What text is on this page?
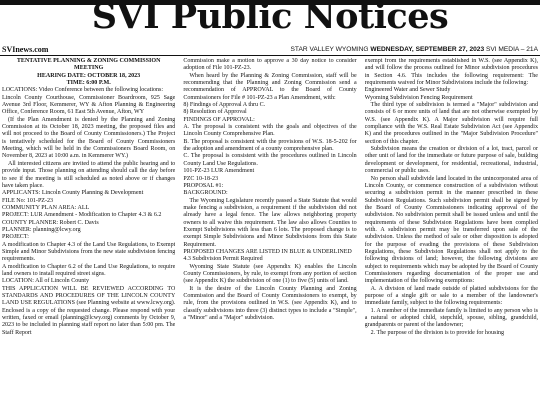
SVI Public Notices
SVInews.com	STAR VALLEY WYOMING WEDNESDAY, SEPTEMBER 27, 2023 SVI MEDIA – 21A

TENTATIVE PLANNING & ZONING COMMISSION MEETING

HEARING DATE: OCTOBER 18, 2023

TIME: 6:00 P.M.

LOCATIONS: Video Conference between the following locations:

Lincoln County Courthouse, Commissioner Boardroom, 925 Sage Avenue 3rd Floor, Kemmerer, WY & Afton Planning & Engineering Office, Conference Room, 61 East 5th Avenue, Afton, WY

(If the Plan Amendment is denied by the Planning and Zoning Commission at its October 18, 2023 meeting, the proposed files and will not proceed to the Board of County Commissioners.) The Project is tentatively scheduled for the Board of County Commissioners Meeting, which will be held in the Commissioners Board Room, on November 8, 2023 at 10:00 a.m. in Kemmerer WY.)

All interested citizens are invited to attend the public hearing and to provide input. Those planning on attending should call the day before to see if the meeting is still scheduled as noted above or if changes have taken place.

APPLICANTS: Lincoln County Planning & Development

FILE No: 101-PZ-23

COMMUNITY PLAN AREA: ALL

PROJECT: LUR Amendment - Modification to Chapter 4.3 & 6.2

COUNTY PLANNER: Robert C. Davis

PLANNER: planning@lcwy.org

PROJECT:

A modification to Chapter 4.3 of the Land Use Regulations, to Exempt Simple and Minor Subdivisions from the new state subdivision fencing requirements.

A modification to Chapter 6.2 of the Land Use Regulations, to require land owners to install required street signs.

LOCATION: All of Lincoln County

THIS APPLICATION WILL BE REVIEWED ACCORDING TO STANDARDS AND PROCEDURES OF THE LINCOLN COUNTY LAND USE REGULATIONS (see Planning website at www.lcwy.org). Enclosed is a copy of the requested change. Please respond with your written, faxed or email (planning@lcwy.org) comments by October 9, 2023 to be included in planning staff report no later than 5:00 pm. The Staff Report

Commission make a motion to approve a 30 day notice to consider adoption of File 101-PZ-23.

When heard by the Planning & Zoning Commission, staff will be recommending that the Planning and Zoning Commission send a recommendation of APPROVAL to the Board of County Commissioners for File # 101-PZ-23 a Plan Amendment, with:

8) Findings of Approval A thru C.

8) Resolution of Approval

FINDINGS OF APPROVAL:

A. The proposal is consistent with the goals and objectives of the Lincoln County Comprehensive Plan.

B. The proposal is consistent with the provisions of W.S. 18-5-202 for the adoption and amendment of a county comprehensive plan.

C. The proposal is consistent with the procedures outlined in Lincoln County Land Use Regulations.

101-PZ-23 LUR Amendment

PZC 10-18-23

PROPOSAL #1:

BACKGROUND:

The Wyoming Legislature recently passed a State Statute that would make fencing a subdivision, a requirement if the subdivision did not already have a legal fence. The law allows neighboring property owners to all waive this requirement. The law also allows Counties to Exempt Subdivisions with less than 6 lots. The proposed change is to exempt Simple Subdivisions and Minor Subdivisions from this State Requirement.

PROPOSED CHANGES ARE LISTED IN BLUE & UNDERLINED

4.3 Subdivision Permit Required

Wyoming State Statute (see Appendix K) enables the Lincoln County Commissioners, by rule, to exempt from any portion of section (see Appendix K) the subdivision of one (1) to five (5) units of land.

It is the desire of the Lincoln County Planning and Zoning Commission and the Board of County Commissioners to exempt, by rule, from the provisions outlined in W.S. (see Appendix K), and to classify subdivisions into three (3) distinct types to include a "Simple", a "Minor" and a "Major" subdivision.

exempt from the requirements established in W.S. (see Appendix K), and will follow the process outlined for Minor subdivision procedures in Section 4.6. This includes the following requirement: The requirements waived for Minor Subdivisions include the following:

Engineered Water and Sewer Study

Wyoming Subdivision Fencing Requirement

The third type of subdivision is termed a "Major" subdivision and consists of 6 or more units of land that are not otherwise exempted by W.S. (see Appendix K). A Major subdivision will require full compliance with the W.S. Real Estate Subdivision Act (see Appendix K) and the procedures outlined in the "Major Subdivision Procedure" section of this chapter.

Subdivision means the creation or division of a lot, tract, parcel or other unit of land for the immediate or future purpose of sale, building development or development, for residential, recreational, industrial, commercial or public uses.

No person shall subdivide land located in the unincorporated area of Lincoln County, or commence construction of a subdivision without securing a subdivision permit in the manner prescribed in these Subdivision Regulations. Such subdivision permit shall be signed by the Board of County Commissioners indicating approval of the subdivision. No subdivision permit shall be issued unless and until the requirements of these Subdivision Regulations have been complied with. A subdivision permit may be transferred upon sale of the subdivision. Unless the method of sale or other disposition is adopted for the purpose of evading the provisions of these Subdivision Regulations, these Subdivision Regulations shall not apply to the following divisions of land; however, the following divisions are subject to requirements which may be adopted by the Board of County Commissioners regarding documentation of the proper use and implementation of the following exemptions:

A. A division of land made outside of platted subdivisions for the purpose of a single gift or sale to a member of the landowner's immediate family, subject to the following requirements:

1. A member of the immediate family is limited to any person who is a natural or adopted child, stepchild, spouse, sibling, grandchild, grandparents or parent of the landowner;

2. The purpose of the division is to provide for housing
